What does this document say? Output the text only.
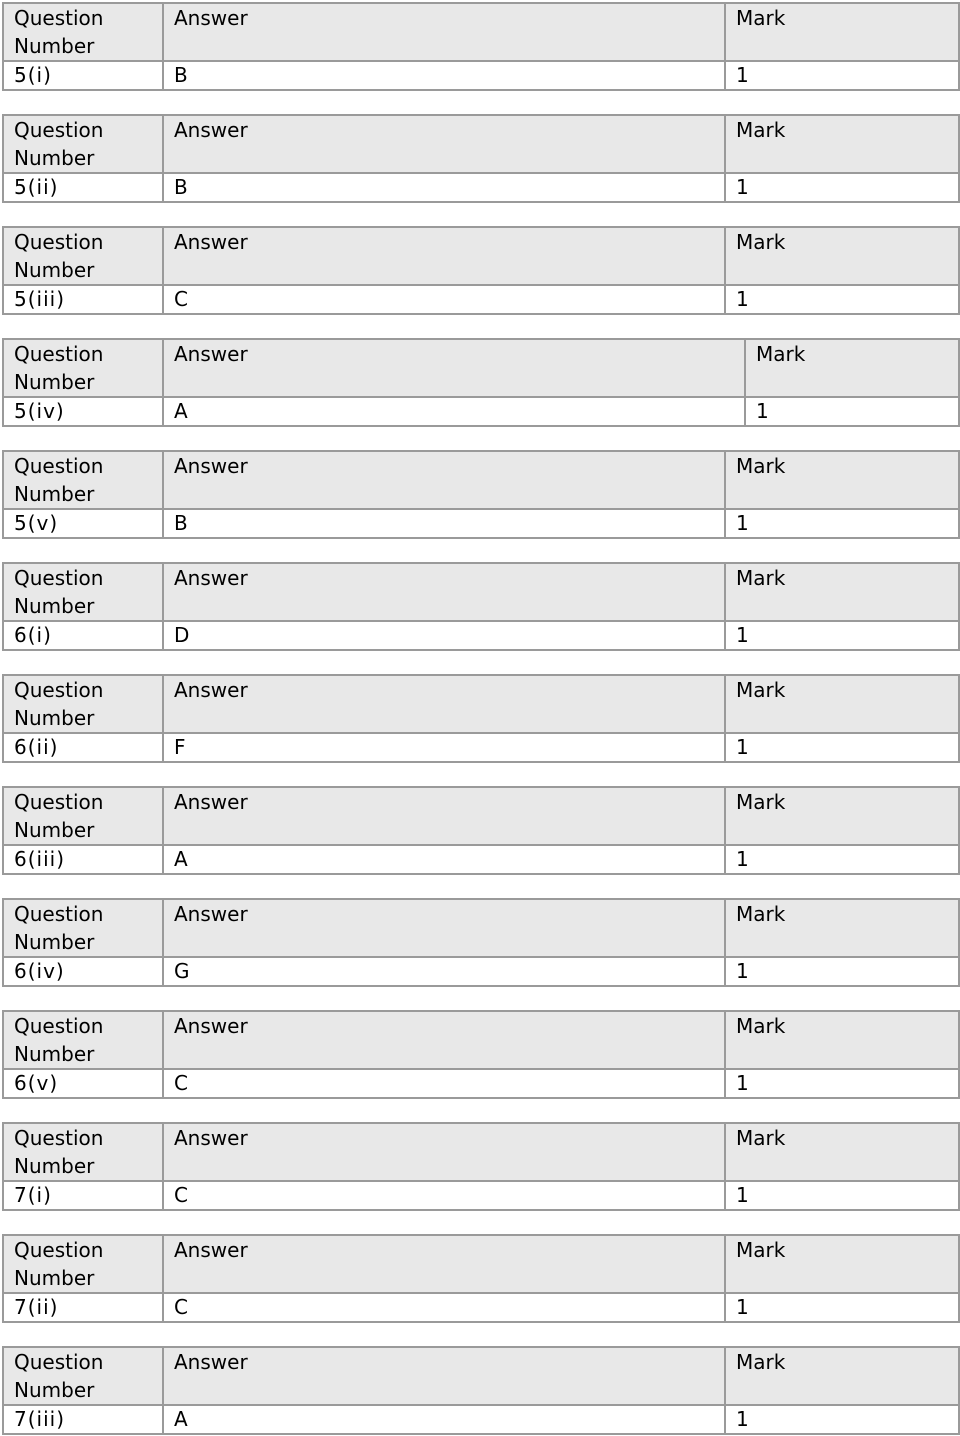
Question Number	Answer	Mark
5(i)	B	1
Question Number	Answer	Mark
5(ii)	B	1
Question Number	Answer	Mark
5(iii)	C	1
Question Number	Answer	Mark
5(iv)	A	1
Question Number	Answer	Mark
5(v)	B	1
Question Number	Answer	Mark
6(i)	D	1
Question Number	Answer	Mark
6(ii)	F	1
Question Number	Answer	Mark
6(iii)	A	1
Question Number	Answer	Mark
6(iv)	G	1
Question Number	Answer	Mark
6(v)	C	1
Question Number	Answer	Mark
7(i)	C	1
Question Number	Answer	Mark
7(ii)	C	1
Question Number	Answer	Mark
7(iii)	A	1
